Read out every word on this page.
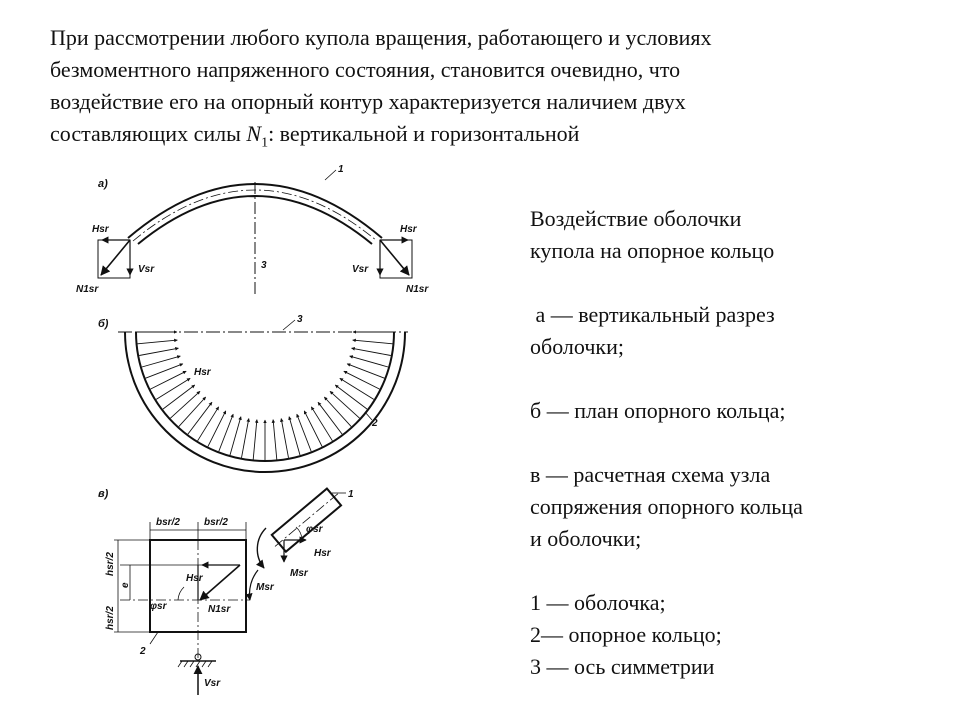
При рассмотрении любого купола вращения, работающего и условиях
безмоментного напряженного состояния, становится очевидно, что
воздействие его на опорный контур характеризуется наличием двух
составляющих силы $N_1$: вертикальной и горизонтальной
Воздействие оболочки
купола на опорное кольцо
а — вертикальный разрез
оболочки;
б — план опорного кольца;
в — расчетная схема узла
сопряжения опорного кольца
и оболочки;
1 — оболочка;
2— опорное кольцо;
3 — ось симметрии
а)
3
1
Hsr
Vsr
N1sr
Hsr
Vsr
N1sr
б)	3
Hsr
2
в)
bsr/2 bsr/2
Hsr
φsr	N1sr
hsr/2
hsr/2
e
2
Vsr
1
φsr
Hsr
Msr
Msr
